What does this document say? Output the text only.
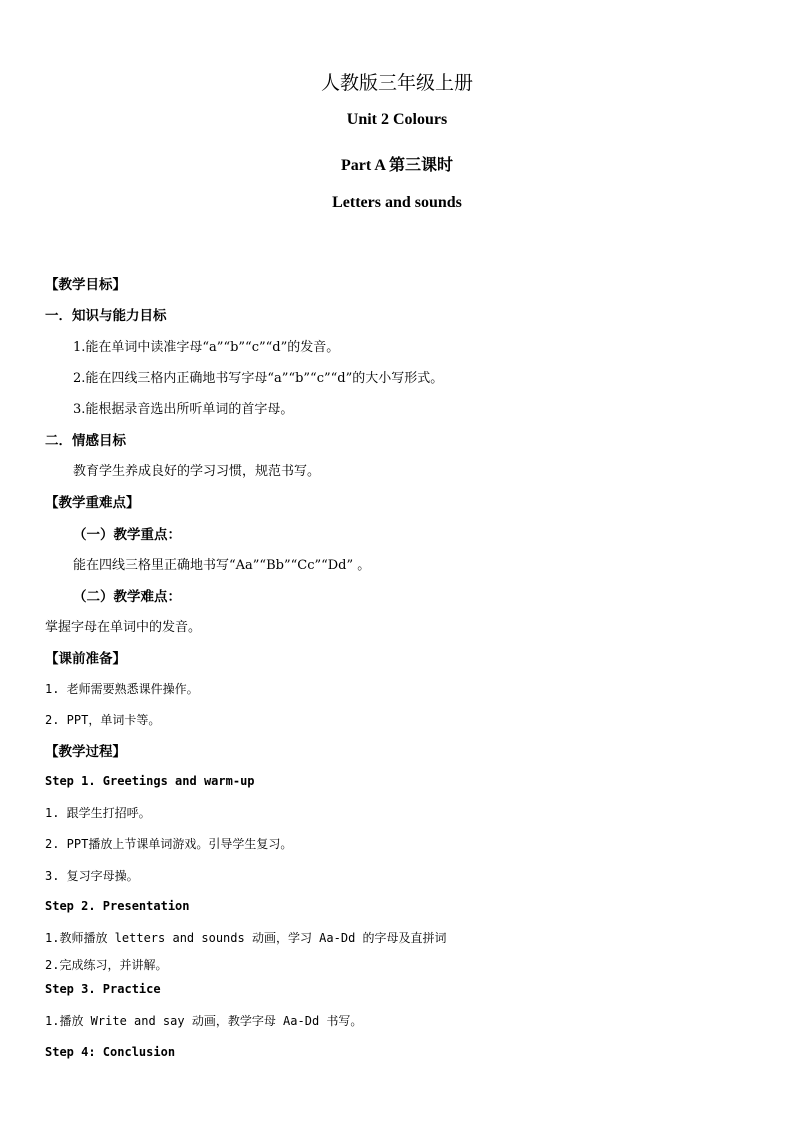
人教版三年级上册
Unit 2 Colours
Part A 第三课时
Letters and sounds
【教学目标】
一．知识与能力目标
1.能在单词中读准字母“a”“b”“c”“d”的发音。
2.能在四线三格内正确地书写字母“a”“b”“c”“d”的大小写形式。
3.能根据录音选出所听单词的首字母。
二．情感目标
教育学生养成良好的学习习惯，规范书写。
【教学重难点】
（一）教学重点：
能在四线三格里正确地书写“Aa”“Bb”“Cc”“Dd” 。
（二）教学难点：
掌握字母在单词中的发音。
【课前准备】
1. 老师需要熟悉课件操作。
2. PPT，单词卡等。
【教学过程】
Step 1. Greetings and warm-up
1. 跟学生打招呼。
2. PPT播放上节课单词游戏。引导学生复习。
3. 复习字母操。
Step 2. Presentation
1.教师播放 letters and sounds 动画，学习 Aa-Dd 的字母及直拼词
2.完成练习，并讲解。
Step 3. Practice
1.播放 Write and say 动画，教学字母 Aa-Dd 书写。
Step 4: Conclusion
